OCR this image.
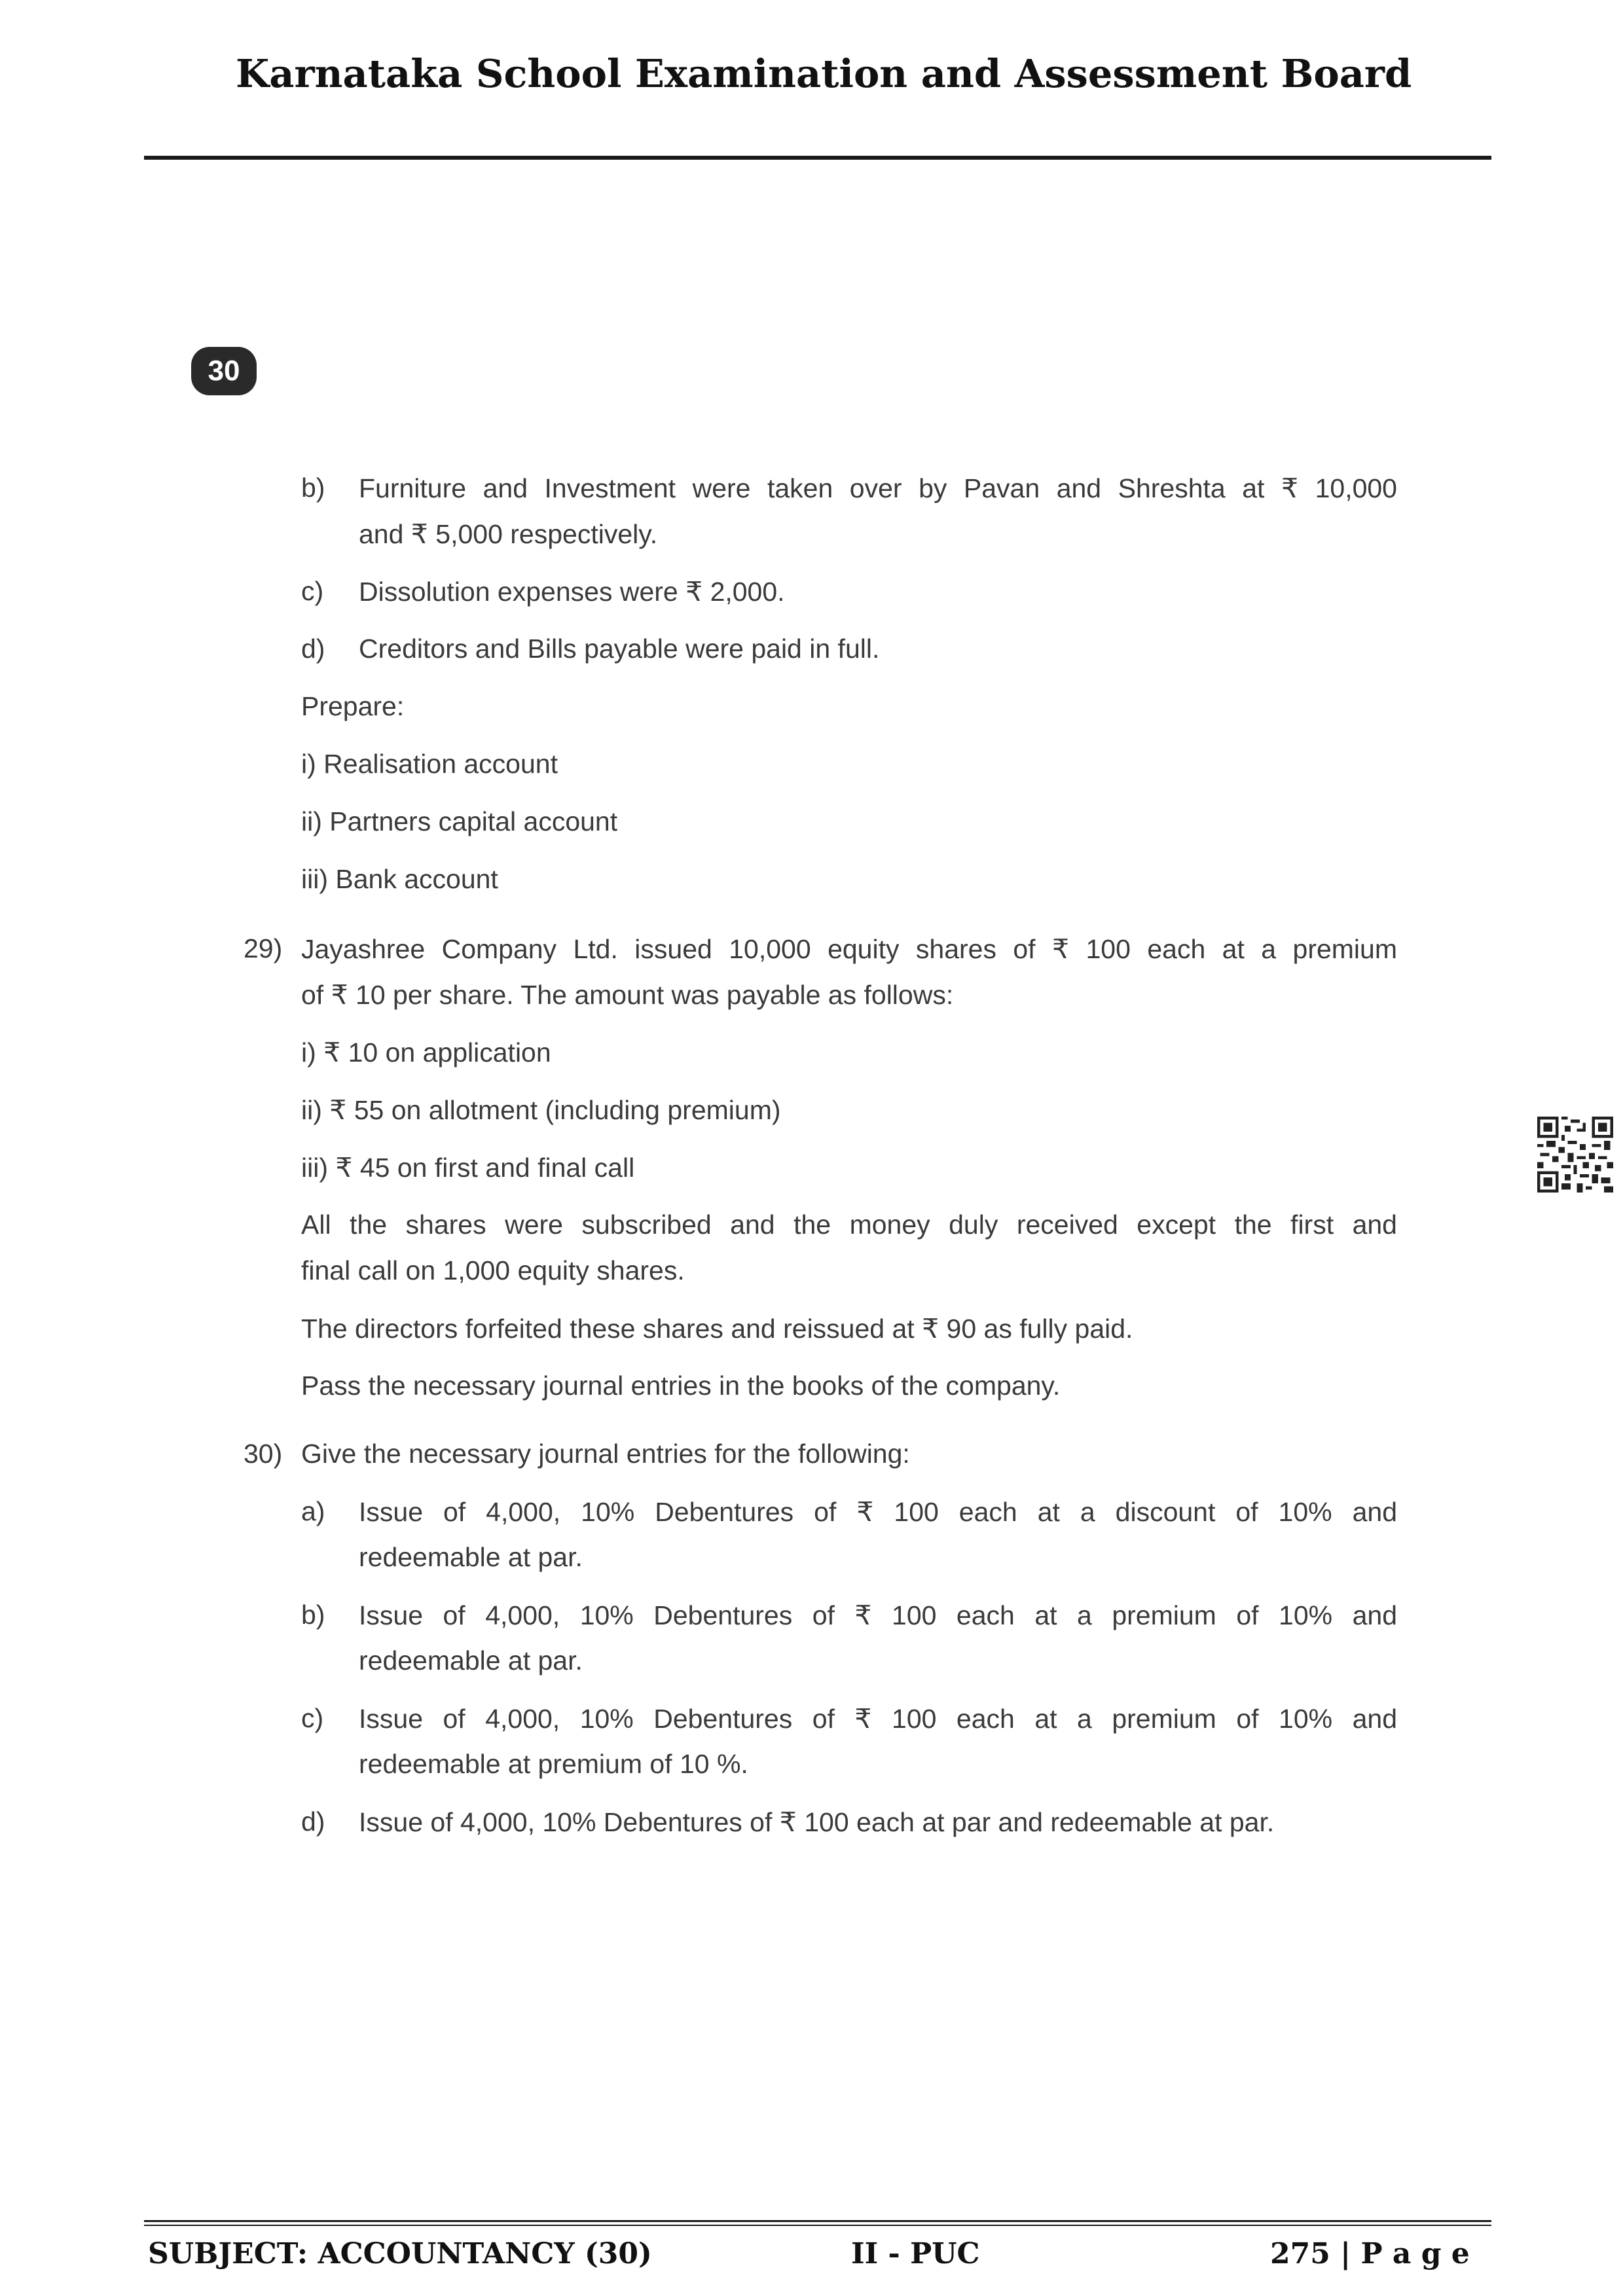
Karnataka School Examination and Assessment Board
30
b) Furniture and Investment were taken over by Pavan and Shreshta at ₹ 10,000
and ₹ 5,000 respectively.
c) Dissolution expenses were ₹ 2,000.
d) Creditors and Bills payable were paid in full.
Prepare:
i) Realisation account
ii) Partners capital account
iii) Bank account
29) Jayashree Company Ltd. issued 10,000 equity shares of ₹ 100 each at a premium
of ₹ 10 per share. The amount was payable as follows:
i) ₹ 10 on application
ii) ₹ 55 on allotment (including premium)
iii) ₹ 45 on first and final call
All the shares were subscribed and the money duly received except the first and
final call on 1,000 equity shares.
The directors forfeited these shares and reissued at ₹ 90 as fully paid.
Pass the necessary journal entries in the books of the company.
30) Give the necessary journal entries for the following:
a) Issue of 4,000, 10% Debentures of ₹ 100 each at a discount of 10% and
redeemable at par.
b) Issue of 4,000, 10% Debentures of ₹ 100 each at a premium of 10% and
redeemable at par.
c) Issue of 4,000, 10% Debentures of ₹ 100 each at a premium of 10% and
redeemable at premium of 10 %.
d) Issue of 4,000, 10% Debentures of ₹ 100 each at par and redeemable at par.
SUBJECT: ACCOUNTANCY (30)	II - PUC	275 | P a g e
